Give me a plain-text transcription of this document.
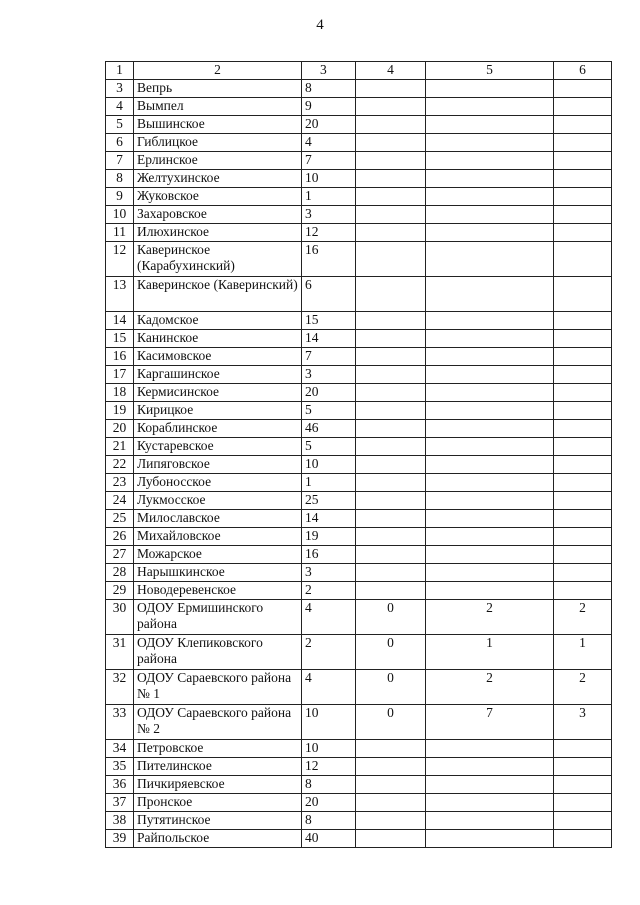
4
1	2	3	4	5	6
3	Вепрь	8			
4	Вымпел	9			
5	Вышинское	20			
6	Гиблицкое	4			
7	Ерлинское	7			
8	Желтухинское	10			
9	Жуковское	1			
10	Захаровское	3			
11	Илюхинское	12			
12	Каверинское (Карабухинский)	16			
13	Каверинское (Каверинский)	6			
14	Кадомское	15			
15	Канинское	14			
16	Касимовское	7			
17	Каргашинское	3			
18	Кермисинское	20			
19	Кирицкое	5			
20	Кораблинское	46			
21	Кустаревское	5			
22	Липяговское	10			
23	Лубоносское	1			
24	Лукмосское	25			
25	Милославское	14			
26	Михайловское	19			
27	Можарское	16			
28	Нарышкинское	3			
29	Новодеревенское	2			
30	ОДОУ Ермишинского района	4	0	2	2
31	ОДОУ Клепиковского района	2	0	1	1
32	ОДОУ Сараевского района № 1	4	0	2	2
33	ОДОУ Сараевского района № 2	10	0	7	3
34	Петровское	10			
35	Пителинское	12			
36	Пичкиряевское	8			
37	Пронское	20			
38	Путятинское	8			
39	Райпольское	40			
